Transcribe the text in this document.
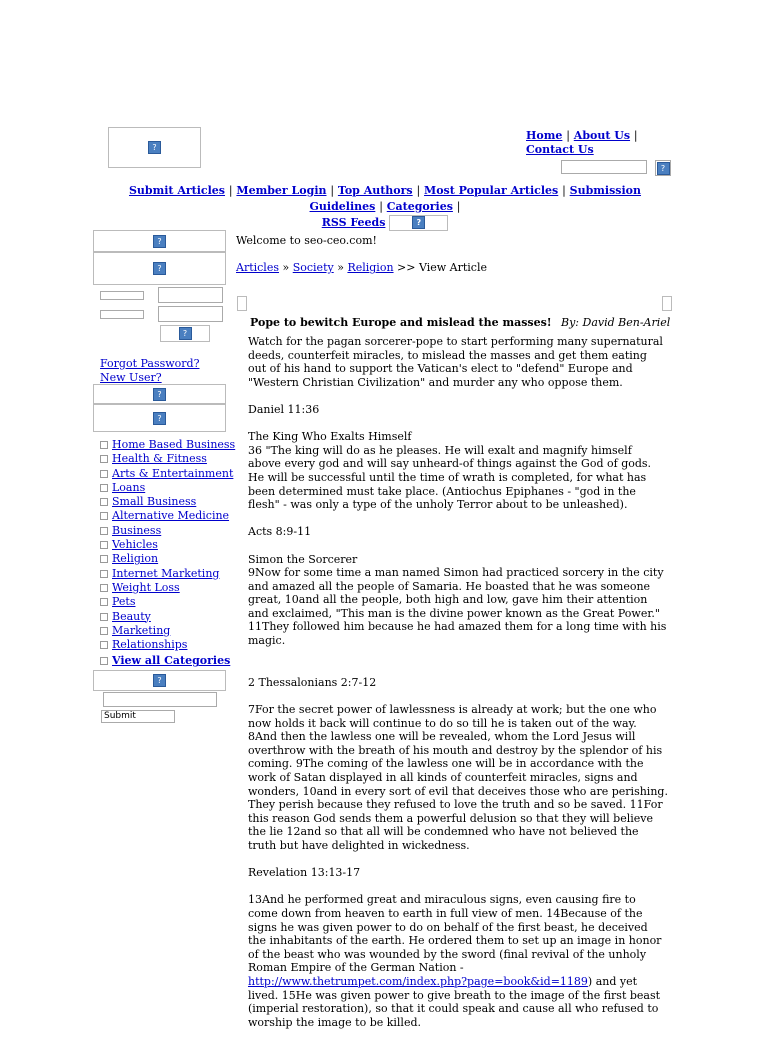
?
Home | About Us | Contact Us
?
Submit Articles | Member Login | Top Authors | Most Popular Articles | Submission Guidelines | Categories |
RSS Feeds	?
?
?
?
Forgot Password?    New User?
?
?
Home Based Business
Health & Fitness
Arts & Entertainment
Loans
Small Business
Alternative Medicine
Business
Vehicles
Religion
Internet Marketing
Weight Loss
Pets
Beauty
Marketing
Relationships
View all Categories
?
Submit
Welcome to seo-ceo.com!
Articles » Society » Religion >> View Article
Pope to bewitch Europe and mislead the masses! By: David Ben-Ariel

Watch for the pagan sorcerer-pope to start performing many supernatural deeds, counterfeit miracles, to mislead the masses and get them eating out of his hand to support the Vatican's elect to "defend" Europe and "Western Christian Civilization" and murder any who oppose them.

Daniel 11:36

The King Who Exalts Himself
36 "The king will do as he pleases. He will exalt and magnify himself above every god and will say unheard-of things against the God of gods. He will be successful until the time of wrath is completed, for what has been determined must take place. (Antiochus Epiphanes - "god in the flesh" - was only a type of the unholy Terror about to be unleashed).

Acts 8:9-11

Simon the Sorcerer
9Now for some time a man named Simon had practiced sorcery in the city and amazed all the people of Samaria. He boasted that he was someone great, 10and all the people, both high and low, gave him their attention and exclaimed, "This man is the divine power known as the Great Power." 11They followed him because he had amazed them for a long time with his magic.

2 Thessalonians 2:7-12

7For the secret power of lawlessness is already at work; but the one who now holds it back will continue to do so till he is taken out of the way. 8And then the lawless one will be revealed, whom the Lord Jesus will overthrow with the breath of his mouth and destroy by the splendor of his coming. 9The coming of the lawless one will be in accordance with the work of Satan displayed in all kinds of counterfeit miracles, signs and wonders, 10and in every sort of evil that deceives those who are perishing. They perish because they refused to love the truth and so be saved. 11For this reason God sends them a powerful delusion so that they will believe the lie 12and so that all will be condemned who have not believed the truth but have delighted in wickedness.

Revelation 13:13-17

13And he performed great and miraculous signs, even causing fire to come down from heaven to earth in full view of men. 14Because of the signs he was given power to do on behalf of the first beast, he deceived the inhabitants of the earth. He ordered them to set up an image in honor of the beast who was wounded by the sword (final revival of the unholy Roman Empire of the German Nation - http://www.thetrumpet.com/index.php?page=book&id=1189) and yet lived. 15He was given power to give breath to the image of the first beast (imperial restoration), so that it could speak and cause all who refused to worship the image to be killed.
